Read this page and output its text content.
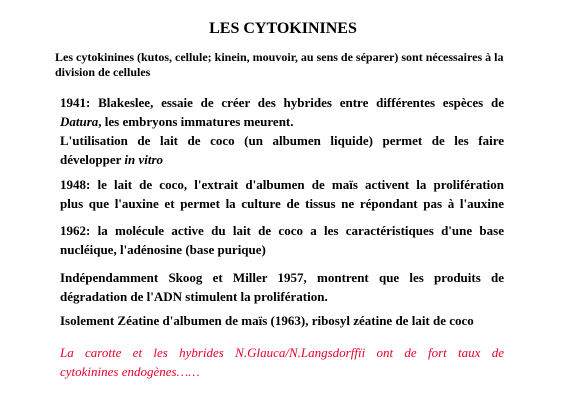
LES CYTOKININES
Les cytokinines (kutos, cellule; kinein, mouvoir, au sens de séparer) sont nécessaires à la
division de cellules
1941: Blakeslee, essaie de créer des hybrides entre différentes espèces de
Datura, les embryons immatures meurent.
L'utilisation de lait de coco (un albumen liquide) permet de les faire
développer in vitro
1948: le lait de coco, l'extrait d'albumen de maïs activent la prolifération
plus que l'auxine et permet la culture de tissus ne répondant pas à l'auxine
1962: la molécule active du lait de coco a les caractéristiques d'une base
nucléique, l'adénosine (base purique)
Indépendamment Skoog et Miller 1957, montrent que les produits de
dégradation de l'ADN stimulent la prolifération.
Isolement Zéatine d'albumen de maïs (1963), ribosyl zéatine de lait de coco
La carotte et les hybrides N.Glauca/N.Langsdorffïi ont de fort taux de
cytokinines endogènes……
